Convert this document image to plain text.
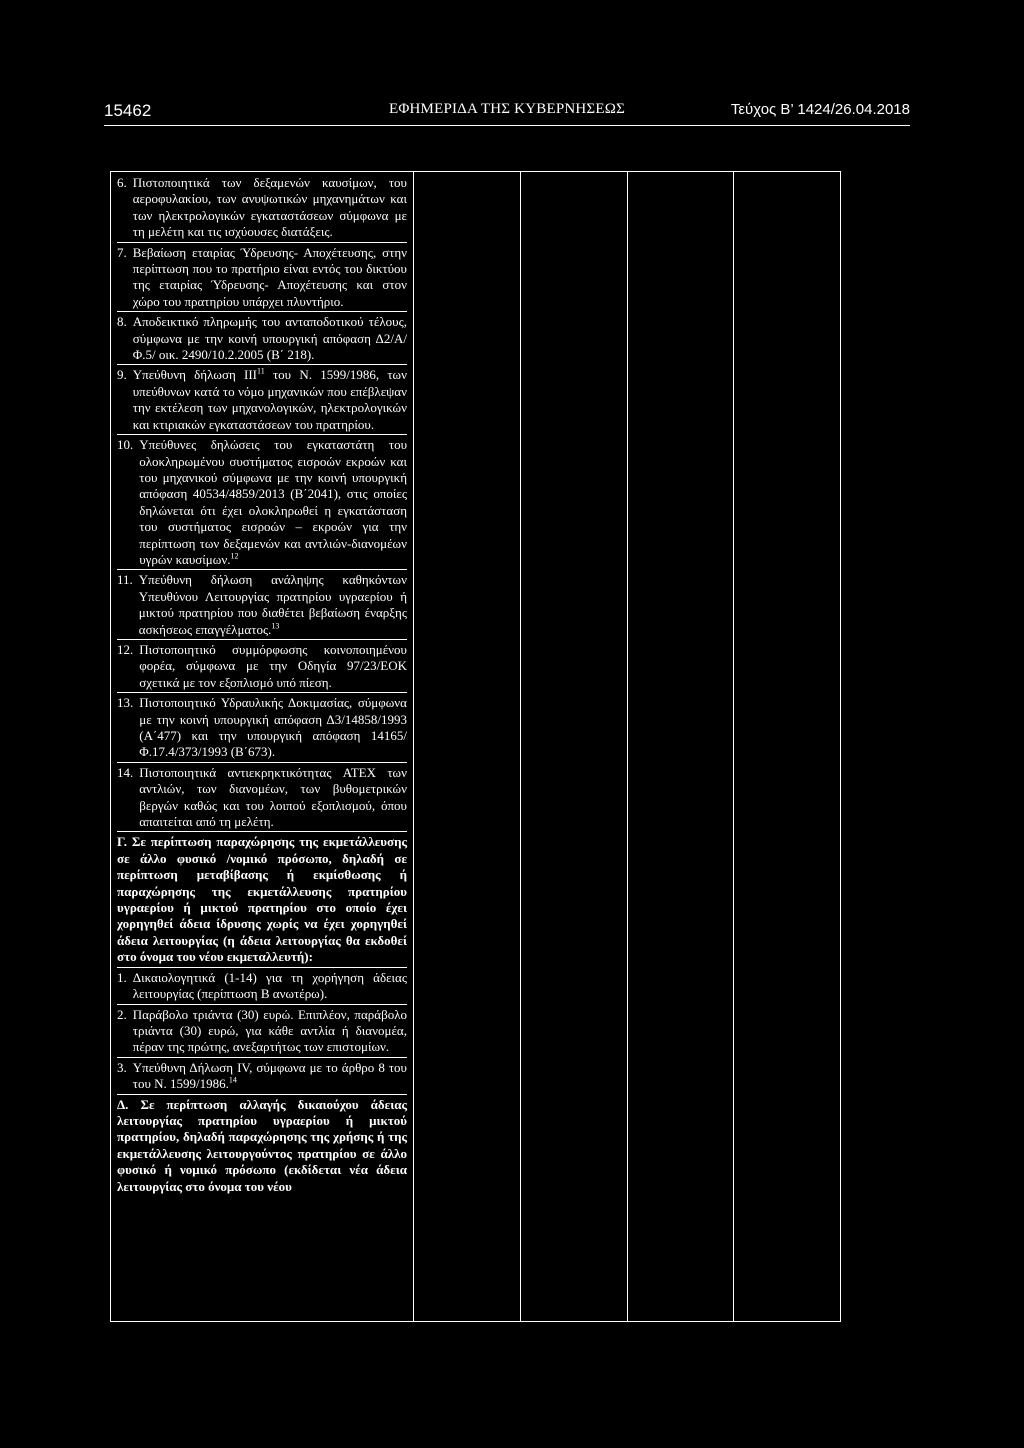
15462	ΕΦΗΜΕΡΙΔΑ ΤΗΣ ΚΥΒΕΡΝΗΣΕΩΣ	Τεύχος Β’ 1424/26.04.2018
6. Πιστοποιητικά των δεξαμενών καυσίμων, του αεροφυλακίου, των ανυψωτικών μηχανημάτων και των ηλεκτρολογικών εγκαταστάσεων σύμφωνα με τη μελέτη και τις ισχύουσες διατάξεις.
7. Βεβαίωση εταιρίας Ύδρευσης- Αποχέτευσης, στην περίπτωση που το πρατήριο είναι εντός του δικτύου της εταιρίας Ύδρευσης- Αποχέτευσης και στον χώρο του πρατηρίου υπάρχει πλυντήριο.
8. Αποδεικτικό πληρωμής του ανταποδοτικού τέλους, σύμφωνα με την κοινή υπουργική απόφαση Δ2/Α/Φ.5/ οικ. 2490/10.2.2005 (Β΄ 218).
9. Υπεύθυνη δήλωση ΙΙΙ$^{11}$ του Ν. 1599/1986, των υπεύθυνων κατά το νόμο μηχανικών που επέβλεψαν την εκτέλεση των μηχανολογικών, ηλεκτρολογικών και κτιριακών εγκαταστάσεων του πρατηρίου.
10. Υπεύθυνες δηλώσεις του εγκαταστάτη του ολοκληρωμένου συστήματος εισροών εκροών και του μηχανικού σύμφωνα με την κοινή υπουργική απόφαση 40534/4859/2013 (Β΄2041), στις οποίες δηλώνεται ότι έχει ολοκληρωθεί η εγκατάσταση του συστήματος εισροών – εκροών για την περίπτωση των δεξαμενών και αντλιών-διανομέων υγρών καυσίμων.$^{12}$
11. Υπεύθυνη δήλωση ανάληψης καθηκόντων Υπευθύνου Λειτουργίας πρατηρίου υγραερίου ή μικτού πρατηρίου που διαθέτει βεβαίωση έναρξης ασκήσεως επαγγέλματος.$^{13}$
12. Πιστοποιητικό συμμόρφωσης κοινοποιημένου φορέα, σύμφωνα με την Οδηγία 97/23/ΕΟΚ σχετικά με τον εξοπλισμό υπό πίεση.
13. Πιστοποιητικό Υδραυλικής Δοκιμασίας, σύμφωνα με την κοινή υπουργική απόφαση Δ3/14858/1993 (Α΄477) και την υπουργική απόφαση 14165/Φ.17.4/373/1993 (Β΄673).
14. Πιστοποιητικά αντιεκρηκτικότητας ATEX των αντλιών, των διανομέων, των βυθομετρικών βεργών καθώς και του λοιπού εξοπλισμού, όπου απαιτείται από τη μελέτη.
Γ. Σε περίπτωση παραχώρησης της εκμετάλλευσης σε άλλο φυσικό /νομικό πρόσωπο, δηλαδή σε περίπτωση μεταβίβασης ή εκμίσθωσης ή παραχώρησης της εκμετάλλευσης πρατηρίου υγραερίου ή μικτού πρατηρίου στο οποίο έχει χορηγηθεί άδεια ίδρυσης χωρίς να έχει χορηγηθεί άδεια λειτουργίας (η άδεια λειτουργίας θα εκδοθεί στο όνομα του νέου εκμεταλλευτή):
1. Δικαιολογητικά (1-14) για τη χορήγηση άδειας λειτουργίας (περίπτωση Β ανωτέρω).
2. Παράβολο τριάντα (30) ευρώ. Επιπλέον, παράβολο τριάντα (30) ευρώ, για κάθε αντλία ή διανομέα, πέραν της πρώτης, ανεξαρτήτως των επιστομίων.
3. Υπεύθυνη Δήλωση IV, σύμφωνα με το άρθρο 8 του του Ν. 1599/1986.14
Δ. Σε περίπτωση αλλαγής δικαιούχου άδειας λειτουργίας πρατηρίου υγραερίου ή μικτού πρατηρίου, δηλαδή παραχώρησης της χρήσης ή της εκμετάλλευσης λειτουργούντος πρατηρίου σε άλλο φυσικό ή νομικό πρόσωπο (εκδίδεται νέα άδεια λειτουργίας στο όνομα του νέου
